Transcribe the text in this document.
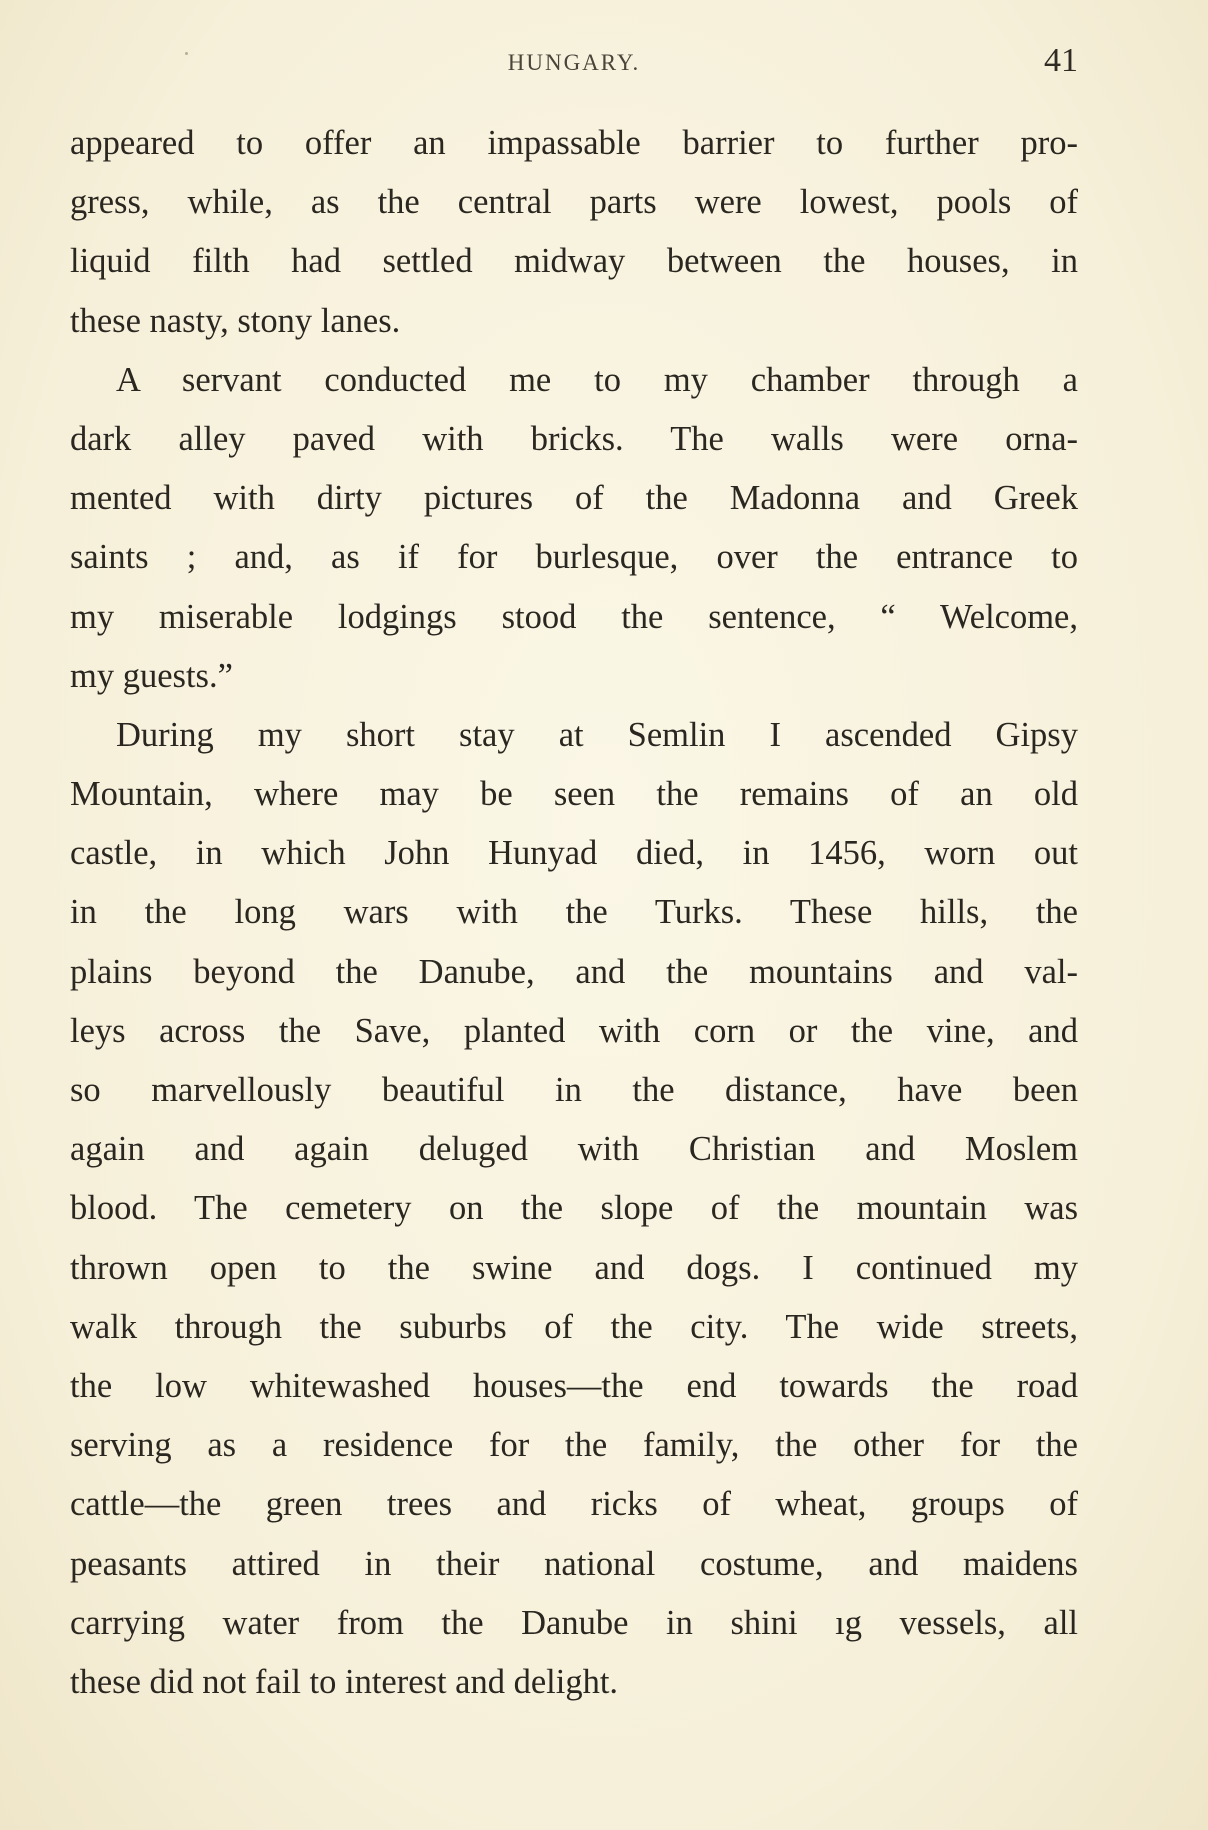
HUNGARY.	41
appeared to offer an impassable barrier to further pro-
gress, while, as the central parts were lowest, pools of
liquid filth had settled midway between the houses, in
these nasty, stony lanes.
A servant conducted me to my chamber through a
dark alley paved with bricks. The walls were orna-
mented with dirty pictures of the Madonna and Greek
saints ; and, as if for burlesque, over the entrance to
my miserable lodgings stood the sentence, “ Welcome,
my guests.”
During my short stay at Semlin I ascended Gipsy
Mountain, where may be seen the remains of an old
castle, in which John Hunyad died, in 1456, worn out
in the long wars with the Turks. These hills, the
plains beyond the Danube, and the mountains and val-
leys across the Save, planted with corn or the vine, and
so marvellously beautiful in the distance, have been
again and again deluged with Christian and Moslem
blood. The cemetery on the slope of the mountain was
thrown open to the swine and dogs. I continued my
walk through the suburbs of the city. The wide streets,
the low whitewashed houses—the end towards the road
serving as a residence for the family, the other for the
cattle—the green trees and ricks of wheat, groups of
peasants attired in their national costume, and maidens
carrying water from the Danube in shini ıg vessels, all
these did not fail to interest and delight.
